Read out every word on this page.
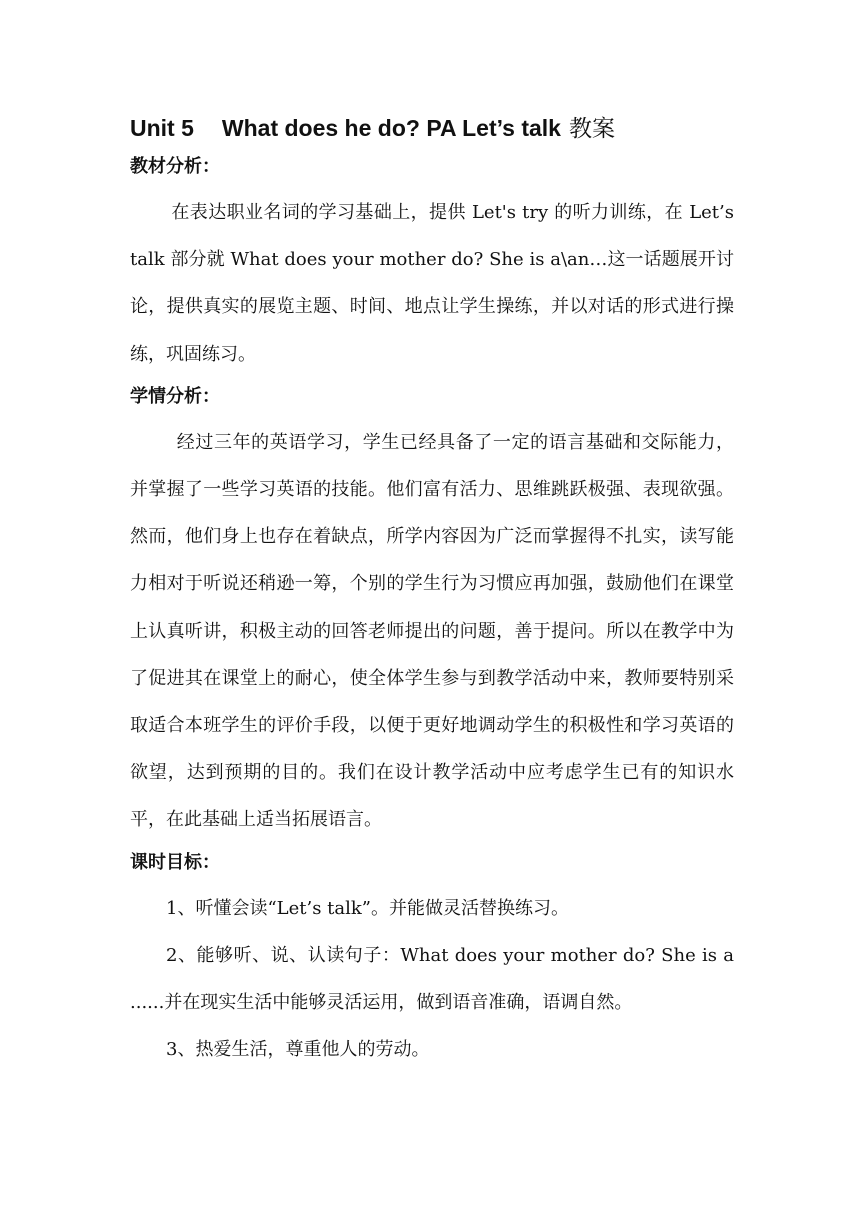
Unit 5 What does he do? PA Let’s talk 教案
教材分析：

在表达职业名词的学习基础上，提供 Let's try 的听力训练，在 Let’s talk 部分就 What does your mother do? She is a\an…这一话题展开讨论，提供真实的展览主题、时间、地点让学生操练，并以对话的形式进行操练，巩固练习。

学情分析：

经过三年的英语学习，学生已经具备了一定的语言基础和交际能力，并掌握了一些学习英语的技能。他们富有活力、思维跳跃极强、表现欲强。然而，他们身上也存在着缺点，所学内容因为广泛而掌握得不扎实，读写能力相对于听说还稍逊一筹，个别的学生行为习惯应再加强，鼓励他们在课堂上认真听讲，积极主动的回答老师提出的问题，善于提问。所以在教学中为了促进其在课堂上的耐心，使全体学生参与到教学活动中来，教师要特别采取适合本班学生的评价手段，以便于更好地调动学生的积极性和学习英语的欲望，达到预期的目的。我们在设计教学活动中应考虑学生已有的知识水平，在此基础上适当拓展语言。

课时目标：

1、听懂会读“Let’s talk”。并能做灵活替换练习。

2、能够听、说、认读句子：What does your mother do? She is a ......并在现实生活中能够灵活运用，做到语音准确，语调自然。

3、热爱生活，尊重他人的劳动。
